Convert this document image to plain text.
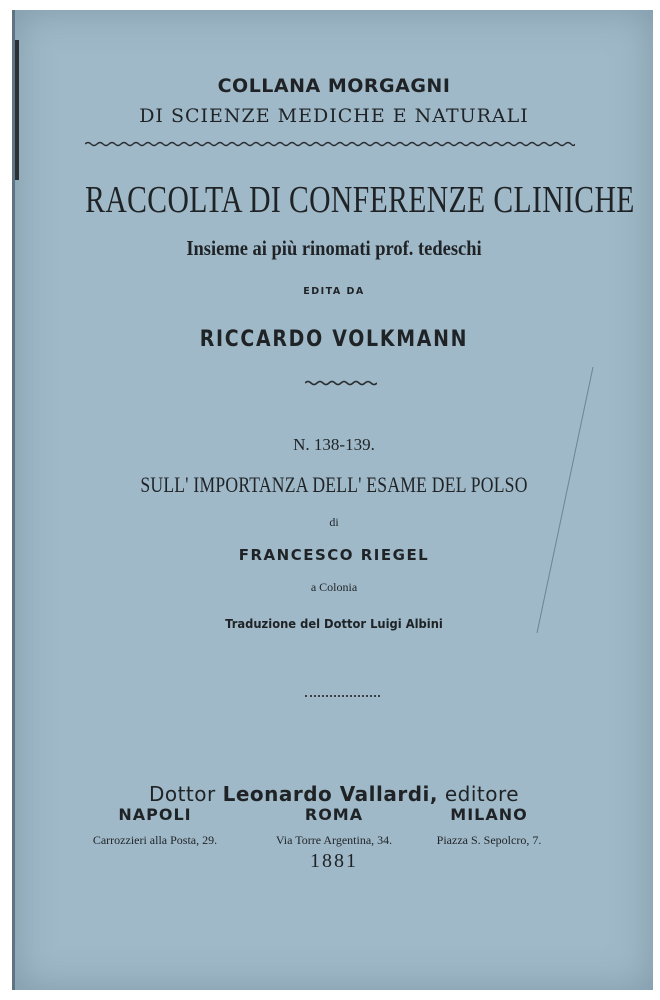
COLLANA MORGAGNI
DI SCIENZE MEDICHE E NATURALI
RACCOLTA DI CONFERENZE CLINICHE
Insieme ai più rinomati prof. tedeschi
EDITA DA
RICCARDO VOLKMANN
N. 138-139.
SULL' IMPORTANZA DELL' ESAME DEL POLSO
di
FRANCESCO RIEGEL
a Colonia
Traduzione del Dottor Luigi Albini
Dottor Leonardo Vallardi, editore
NAPOLI
Carrozzieri alla Posta, 29.
ROMA
Via Torre Argentina, 34.
MILANO
Piazza S. Sepolcro, 7.
1881
